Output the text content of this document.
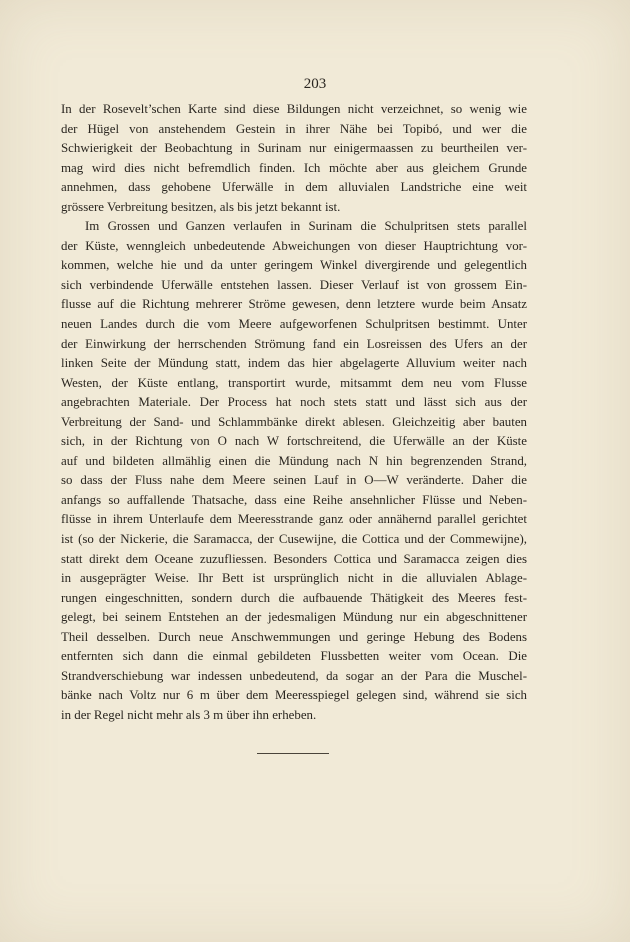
203

In der Rosevelt’schen Karte sind diese Bildungen nicht verzeichnet, so wenig wie
der Hügel von anstehendem Gestein in ihrer Nähe bei Topibó, und wer die
Schwierigkeit der Beobachtung in Surinam nur einigermaassen zu beurtheilen ver-
mag wird dies nicht befremdlich finden. Ich möchte aber aus gleichem Grunde
annehmen, dass gehobene Uferwälle in dem alluvialen Landstriche eine weit
grössere Verbreitung besitzen, als bis jetzt bekannt ist.

Im Grossen und Ganzen verlaufen in Surinam die Schulpritsen stets parallel
der Küste, wenngleich unbedeutende Abweichungen von dieser Hauptrichtung vor-
kommen, welche hie und da unter geringem Winkel divergirende und gelegentlich
sich verbindende Uferwälle entstehen lassen. Dieser Verlauf ist von grossem Ein-
flusse auf die Richtung mehrerer Ströme gewesen, denn letztere wurde beim Ansatz
neuen Landes durch die vom Meere aufgeworfenen Schulpritsen bestimmt. Unter
der Einwirkung der herrschenden Strömung fand ein Losreissen des Ufers an der
linken Seite der Mündung statt, indem das hier abgelagerte Alluvium weiter nach
Westen, der Küste entlang, transportirt wurde, mitsammt dem neu vom Flusse
angebrachten Materiale. Der Process hat noch stets statt und lässt sich aus der
Verbreitung der Sand- und Schlammbänke direkt ablesen. Gleichzeitig aber bauten
sich, in der Richtung von O nach W fortschreitend, die Uferwälle an der Küste
auf und bildeten allmählig einen die Mündung nach N hin begrenzenden Strand,
so dass der Fluss nahe dem Meere seinen Lauf in O—W veränderte. Daher die
anfangs so auffallende Thatsache, dass eine Reihe ansehnlicher Flüsse und Neben-
flüsse in ihrem Unterlaufe dem Meeresstrande ganz oder annähernd parallel gerichtet
ist (so der Nickerie, die Saramacca, der Cusewijne, die Cottica und der Commewijne),
statt direkt dem Oceane zuzufliessen. Besonders Cottica und Saramacca zeigen dies
in ausgeprägter Weise. Ihr Bett ist ursprünglich nicht in die alluvialen Ablage-
rungen eingeschnitten, sondern durch die aufbauende Thätigkeit des Meeres fest-
gelegt, bei seinem Entstehen an der jedesmaligen Mündung nur ein abgeschnittener
Theil desselben. Durch neue Anschwemmungen und geringe Hebung des Bodens
entfernten sich dann die einmal gebildeten Flussbetten weiter vom Ocean. Die
Strandverschiebung war indessen unbedeutend, da sogar an der Para die Muschel-
bänke nach Voltz nur 6 m über dem Meeresspiegel gelegen sind, während sie sich
in der Regel nicht mehr als 3 m über ihn erheben.
